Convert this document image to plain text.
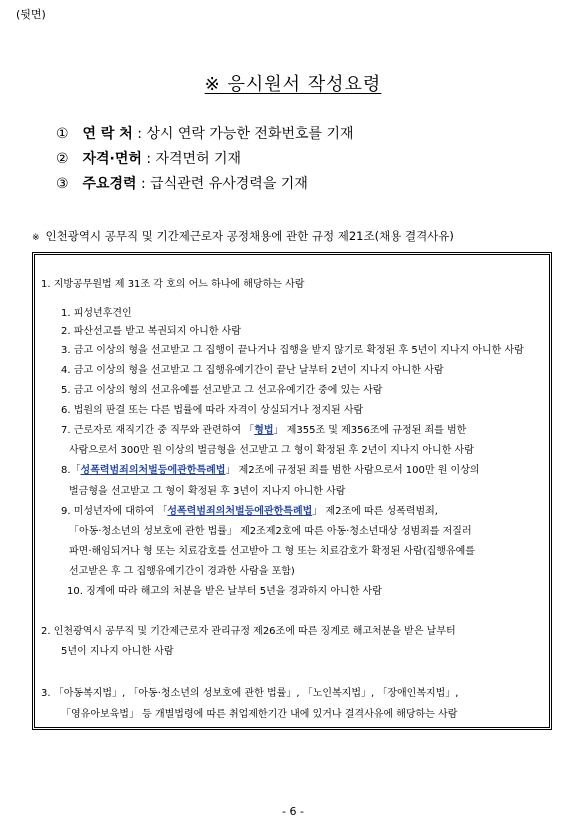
(뒷면)
※ 응시원서 작성요령
① 연 락 처 : 상시 연락 가능한 전화번호를 기재
② 자격·면허 : 자격면허 기재
③ 주요경력 : 급식관련 유사경력을 기재
※ 인천광역시 공무직 및 기간제근로자 공정채용에 관한 규정 제21조(채용 결격사유)
1. 지방공무원법 제 31조 각 호의 어느 하나에 해당하는 사람
1. 피성년후견인
2. 파산선고를 받고 복권되지 아니한 사람
3. 금고 이상의 형을 선고받고 그 집행이 끝나거나 집행을 받지 않기로 확정된 후 5년이 지나지 아니한 사람
4. 금고 이상의 형을 선고받고 그 집행유예기간이 끝난 날부터 2년이 지나지 아니한 사람
5. 금고 이상의 형의 선고유예를 선고받고 그 선고유예기간 중에 있는 사람
6. 법원의 판결 또는 다른 법률에 따라 자격이 상실되거나 정지된 사람
7. 근로자로 재직기간 중 직무와 관련하여 「형법」 제355조 및 제356조에 규정된 죄를 범한
사람으로서 300만 원 이상의 벌금형을 선고받고 그 형이 확정된 후 2년이 지나지 아니한 사람
8.「성폭력범죄의처벌등에관한특례법」 제2조에 규정된 죄를 범한 사람으로서 100만 원 이상의
벌금형을 선고받고 그 형이 확정된 후 3년이 지나지 아니한 사람
9. 미성년자에 대하여 「성폭력범죄의처벌등에관한특례법」 제2조에 따른 성폭력범죄,
「아동·청소년의 성보호에 관한 법률」 제2조제2호에 따른 아동·청소년대상 성범죄를 저질러
파면·해임되거나 형 또는 치료감호를 선고받아 그 형 또는 치료감호가 확정된 사람(집행유예를
선고받은 후 그 집행유예기간이 경과한 사람을 포함)
10. 징계에 따라 해고의 처분을 받은 날부터 5년을 경과하지 아니한 사람
2. 인천광역시 공무직 및 기간제근로자 관리규정 제26조에 따른 징계로 해고처분을 받은 날부터
5년이 지나지 아니한 사람
3. 「아동복지법」, 「아동·청소년의 성보호에 관한 법률」, 「노인복지법」, 「장애인복지법」,
「영유아보육법」 등 개별법령에 따른 취업제한기간 내에 있거나 결격사유에 해당하는 사람
- 6 -
